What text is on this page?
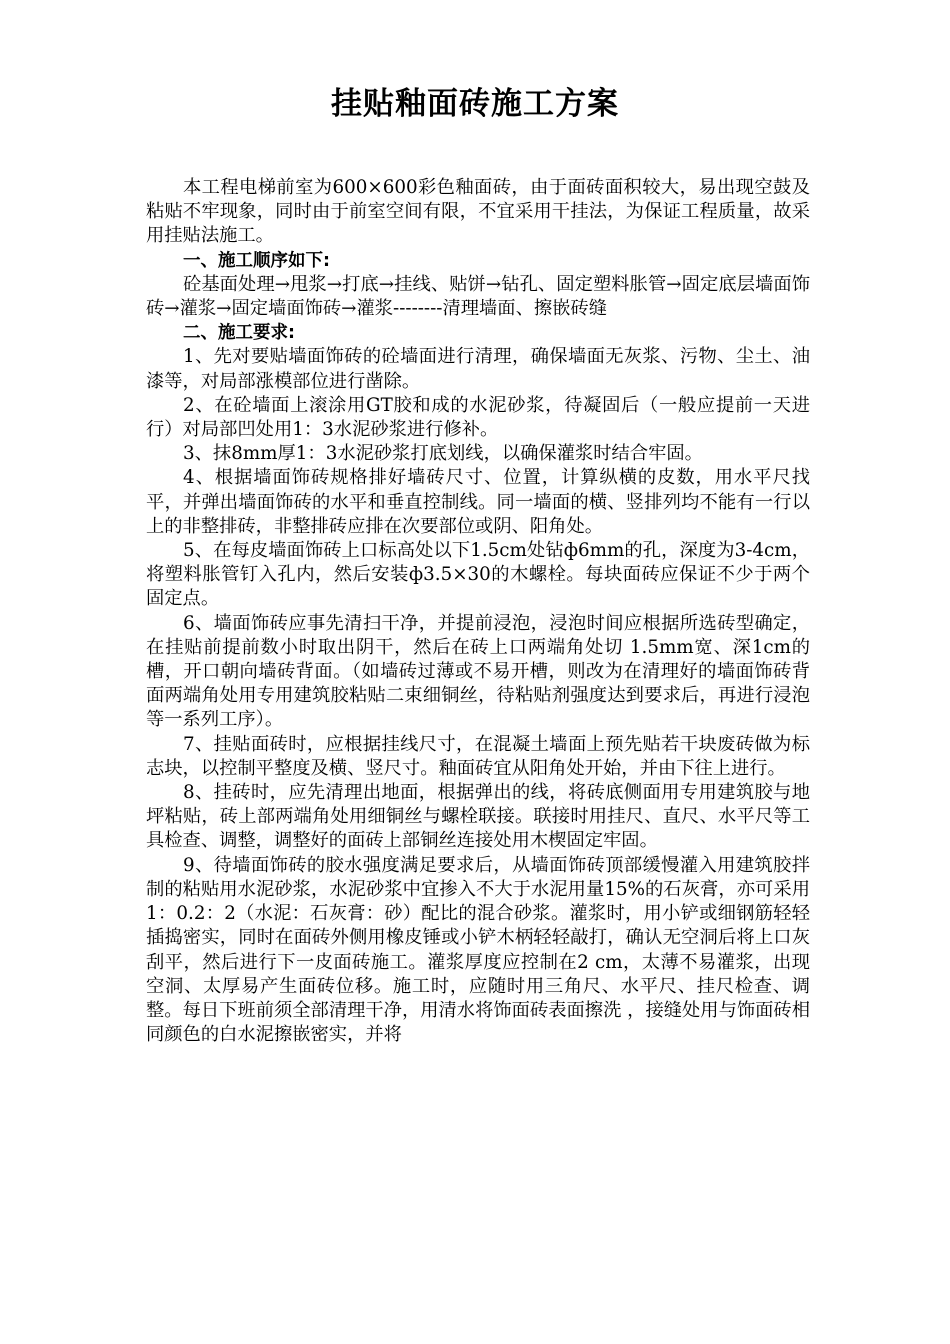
挂贴釉面砖施工方案

本工程电梯前室为600×600彩色釉面砖，由于面砖面积较大，易出现空鼓及粘贴不牢现象，同时由于前室空间有限，不宜采用干挂法，为保证工程质量，故采用挂贴法施工。

一、施工顺序如下:

砼基面处理→甩浆→打底→挂线、贴饼→钻孔、固定塑料胀管→固定底层墙面饰砖→灌浆→固定墙面饰砖→灌浆--------清理墙面、擦嵌砖缝

二、施工要求:

1、先对要贴墙面饰砖的砼墙面进行清理，确保墙面无灰浆、污物、尘土、油漆等，对局部涨模部位进行凿除。

2、在砼墙面上滚涂用GT胶和成的水泥砂浆，待凝固后（一般应提前一天进行）对局部凹处用1：3水泥砂浆进行修补。

3、抹8mm厚1：3水泥砂浆打底划线，以确保灌浆时结合牢固。

4、根据墙面饰砖规格排好墙砖尺寸、位置，计算纵横的皮数，用水平尺找平，并弹出墙面饰砖的水平和垂直控制线。同一墙面的横、竖排列均不能有一行以上的非整排砖，非整排砖应排在次要部位或阴、阳角处。

5、在每皮墙面饰砖上口标高处以下1.5cm处钻ф6mm的孔，深度为3-4cm，将塑料胀管钉入孔内，然后安装ф3.5×30的木螺栓。每块面砖应保证不少于两个固定点。

6、墙面饰砖应事先清扫干净，并提前浸泡，浸泡时间应根据所选砖型确定，在挂贴前提前数小时取出阴干，然后在砖上口两端角处切 1.5mm宽、深1cm的　　槽，开口朝向墙砖背面。（如墙砖过薄或不易开槽，则改为在清理好的墙面饰砖背面两端角处用专用建筑胶粘贴二束细铜丝，待粘贴剂强度达到要求后，再进行浸泡等一系列工序）。

7、挂贴面砖时，应根据挂线尺寸，在混凝土墙面上预先贴若干块废砖做为标志块，以控制平整度及横、竖尺寸。釉面砖宜从阳角处开始，并由下往上进行。

8、挂砖时，应先清理出地面，根据弹出的线，将砖底侧面用专用建筑胶与地坪粘贴，砖上部两端角处用细铜丝与螺栓联接。联接时用挂尺、直尺、水平尺等工具检查、调整，调整好的面砖上部铜丝连接处用木楔固定牢固。

9、待墙面饰砖的胶水强度满足要求后，从墙面饰砖顶部缓慢灌入用建筑胶拌制的粘贴用水泥砂浆，水泥砂浆中宜掺入不大于水泥用量15%的石灰膏，亦可采用1：0.2：2（水泥：石灰膏：砂）配比的混合砂浆。灌浆时，用小铲或细钢筋轻轻插捣密实，同时在面砖外侧用橡皮锤或小铲木柄轻轻敲打，确认无空洞后将上口灰刮平，然后进行下一皮面砖施工。灌浆厚度应控制在2 cm，太薄不易灌浆，出现空洞、太厚易产生面砖位移。施工时，应随时用三角尺、水平尺、挂尺检查、调整。每日下班前须全部清理干净，用清水将饰面砖表面擦洗 ，接缝处用与饰面砖相同颜色的白水泥擦嵌密实，并将
